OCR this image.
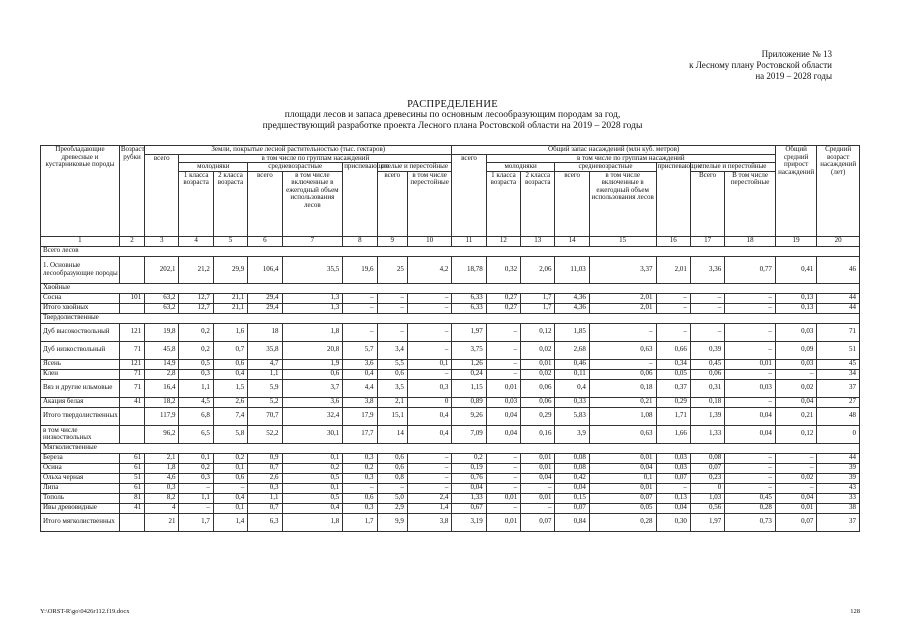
Приложение № 13
к Лесному плану Ростовской области
на 2019 – 2028 годы
РАСПРЕДЕЛЕНИЕ
площади лесов и запаса древесины по основным лесообразующим породам за год,
предшествующий разработке проекта Лесного плана Ростовской области на 2019 – 2028 годы
Преобладающие древесные и кустарниковые породы	Возраст рубки	Земли, покрытые лесной растительностью (тыс. гектаров)								Общий запас насаждений (млн куб. метров)								Общий средний прирост насаждений	Средний возраст насаждений (лет)
		всего	в том числе по группам насаждений							всего	в том числе по группам насаждений								
			молодняки		средневозрастные		приспевающие	спелые и перестойные			молодняки		средневозрастные		приспевающие	спелые и перестойные			
			1 класса возраста	2 класса возраста	всего	в том числе включенные в ежегодный объем использования лесов		всего	в том числе перестойные		1 класса возраста	2 класса возраста	всего	в том числе включенные в ежегодный объем использования лесов		Всего	В том числе перестойные		
1	2	3	4	5	6	7	8	9	10	11	12	13	14	15	16	17	18	19	20
Всего лесов																			
1. Основные лесообразующие породы		202,1	21,2	29,9	106,4	35,5	19,6	25	4,2	18,78	0,32	2,06	11,03	3,37	2,01	3,36	0,77	0,41	46
Хвойные																			
Сосна	101	63,2	12,7	21,1	29,4	1,3	–	–	–	6,33	0,27	1,7	4,36	2,01	–	–	–	0,13	44
Итого хвойных		63,2	12,7	21,1	29,4	1,3	–	–	–	6,33	0,27	1,7	4,36	2,01	–	–	–	0,13	44
Твердолиственные																			
Дуб высокоствольный	121	19,8	0,2	1,6	18	1,8	–	–	–	1,97	–	0,12	1,85	–	–	–	–	0,03	71
Дуб низкоствольный	71	45,8	0,2	0,7	35,8	20,8	5,7	3,4	–	3,75	–	0,02	2,68	0,63	0,66	0,39	–	0,09	51
Ясень	121	14,9	0,5	0,6	4,7	1,9	3,6	5,5	0,1	1,26	–	0,01	0,46	–	0,34	0,45	0,01	0,03	45
Клен	71	2,8	0,3	0,4	1,1	0,6	0,4	0,6	–	0,24	–	0,02	0,11	0,06	0,05	0,06	–	–	34
Вяз и другие ильмовые	71	16,4	1,1	1,5	5,9	3,7	4,4	3,5	0,3	1,15	0,01	0,06	0,4	0,18	0,37	0,31	0,03	0,02	37
Акация белая	41	18,2	4,5	2,6	5,2	3,6	3,8	2,1	0	0,89	0,03	0,06	0,33	0,21	0,29	0,18	–	0,04	27
Итого твердолиственных		117,9	6,8	7,4	70,7	32,4	17,9	15,1	0,4	9,26	0,04	0,29	5,83	1,08	1,71	1,39	0,04	0,21	48
в том числе низкоствольных		96,2	6,5	5,8	52,2	30,1	17,7	14	0,4	7,09	0,04	0,16	3,9	0,63	1,66	1,33	0,04	0,12	0
Мягколиственные																			
Береза	61	2,1	0,1	0,2	0,9	0,1	0,3	0,6	–	0,2	–	0,01	0,08	0,01	0,03	0,08	–	–	44
Осина	61	1,8	0,2	0,1	0,7	0,2	0,2	0,6	–	0,19	–	0,01	0,08	0,04	0,03	0,07	–	–	39
Ольха черная	51	4,6	0,3	0,6	2,6	0,5	0,3	0,8	–	0,76	–	0,04	0,42	0,1	0,07	0,23	–	0,02	39
Липа	61	0,3	–	–	0,3	0,1	–	–	–	0,04	–	–	0,04	0,01	–	0	–	–	43
Тополь	81	8,2	1,1	0,4	1,1	0,5	0,6	5,0	2,4	1,33	0,01	0,01	0,15	0,07	0,13	1,03	0,45	0,04	33
Ивы древовидные	41	4	–	0,1	0,7	0,4	0,3	2,9	1,4	0,67	–	–	0,07	0,05	0,04	0,56	0,28	0,01	38
Итого мягколиственных		21	1,7	1,4	6,3	1,8	1,7	9,9	3,8	3,19	0,01	0,07	0,84	0,28	0,30	1,97	0,73	0,07	37
Y:\ORST-R\go\0426r112.f19.docx	128
